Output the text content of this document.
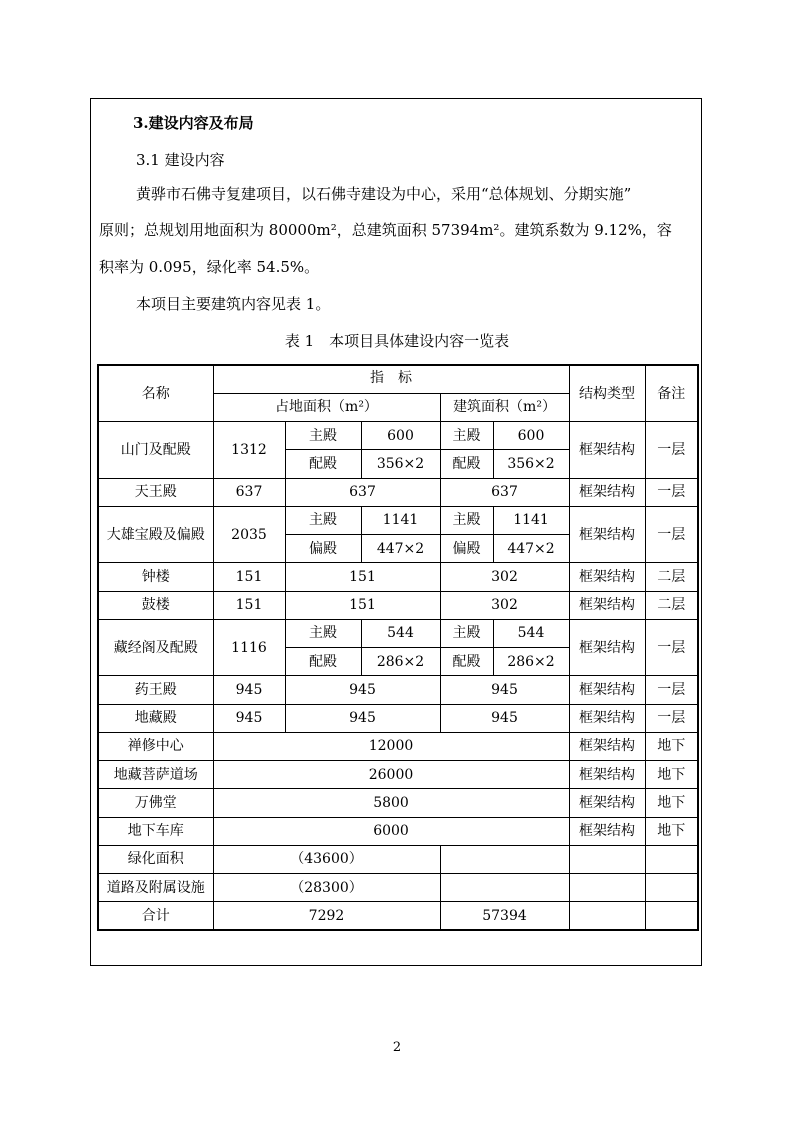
3.建设内容及布局
3.1 建设内容
黄骅市石佛寺复建项目，以石佛寺建设为中心，采用“总体规划、分期实施”
原则；总规划用地面积为 80000m²，总建筑面积 57394m²。建筑系数为 9.12%，容
积率为 0.095，绿化率 54.5%。
本项目主要建筑内容见表 1。
表 1　本项目具体建设内容一览表
名称	指　标					结构类型	备注
	占地面积（m²）			建筑面积（m²）			
山门及配殿	1312	主殿	600	主殿	600	框架结构	一层
		配殿	356×2	配殿	356×2		
天王殿	637	637		637		框架结构	一层
大雄宝殿及偏殿	2035	主殿	1141	主殿	1141	框架结构	一层
		偏殿	447×2	偏殿	447×2		
钟楼	151	151		302		框架结构	二层
鼓楼	151	151		302		框架结构	二层
藏经阁及配殿	1116	主殿	544	主殿	544	框架结构	一层
		配殿	286×2	配殿	286×2		
药王殿	945	945		945		框架结构	一层
地藏殿	945	945		945		框架结构	一层
禅修中心	12000					框架结构	地下
地藏菩萨道场	26000					框架结构	地下
万佛堂	5800					框架结构	地下
地下车库	6000					框架结构	地下
绿化面积	（43600）						
道路及附属设施	（28300）						
合计	7292			57394			
2
